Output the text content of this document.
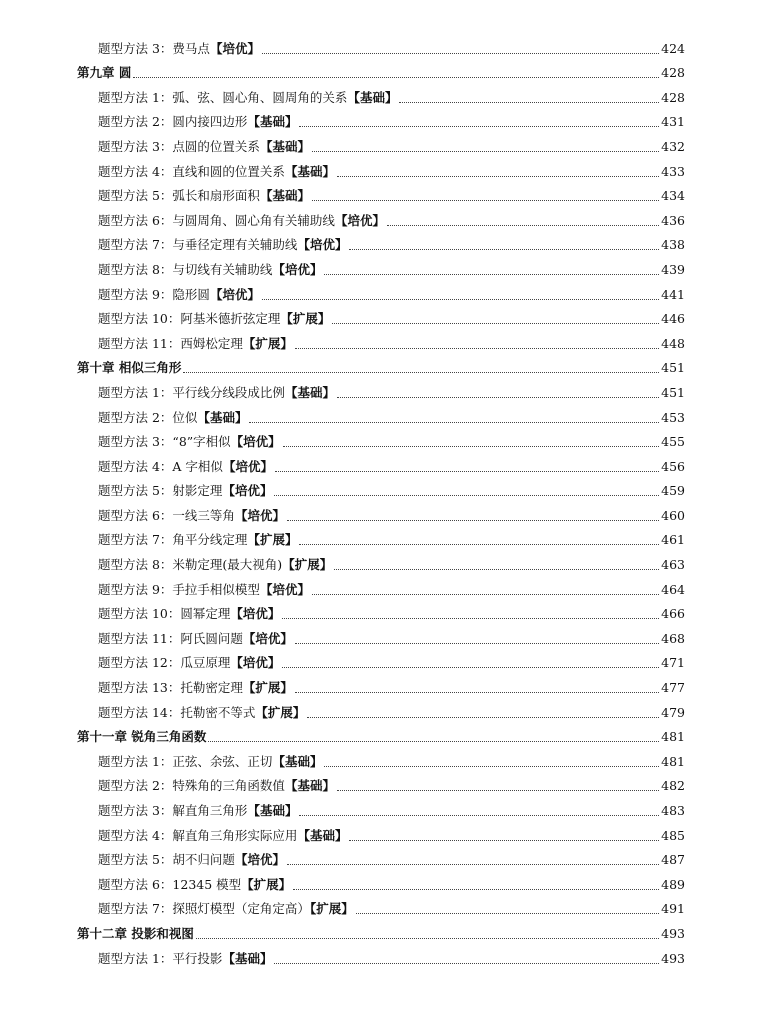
题型方法 3：费马点【培优】	424
第九章 圆	428
题型方法 1：弧、弦、圆心角、圆周角的关系【基础】	428
题型方法 2：圆内接四边形【基础】	431
题型方法 3：点圆的位置关系【基础】	432
题型方法 4：直线和圆的位置关系【基础】	433
题型方法 5：弧长和扇形面积【基础】	434
题型方法 6：与圆周角、圆心角有关辅助线【培优】	436
题型方法 7：与垂径定理有关辅助线【培优】	438
题型方法 8：与切线有关辅助线【培优】	439
题型方法 9：隐形圆【培优】	441
题型方法 10：阿基米德折弦定理【扩展】	446
题型方法 11：西姆松定理【扩展】	448
第十章 相似三角形	451
题型方法 1：平行线分线段成比例【基础】	451
题型方法 2：位似【基础】	453
题型方法 3：“8”字相似【培优】	455
题型方法 4：A 字相似【培优】	456
题型方法 5：射影定理【培优】	459
题型方法 6：一线三等角【培优】	460
题型方法 7：角平分线定理【扩展】	461
题型方法 8：米勒定理(最大视角)【扩展】	463
题型方法 9：手拉手相似模型【培优】	464
题型方法 10：圆幂定理【培优】	466
题型方法 11：阿氏圆问题【培优】	468
题型方法 12：瓜豆原理【培优】	471
题型方法 13：托勒密定理【扩展】	477
题型方法 14：托勒密不等式【扩展】	479
第十一章 锐角三角函数	481
题型方法 1：正弦、余弦、正切【基础】	481
题型方法 2：特殊角的三角函数值【基础】	482
题型方法 3：解直角三角形【基础】	483
题型方法 4：解直角三角形实际应用【基础】	485
题型方法 5：胡不归问题【培优】	487
题型方法 6：12345 模型【扩展】	489
题型方法 7：探照灯模型（定角定高）【扩展】	491
第十二章 投影和视图	493
题型方法 1：平行投影【基础】	493
